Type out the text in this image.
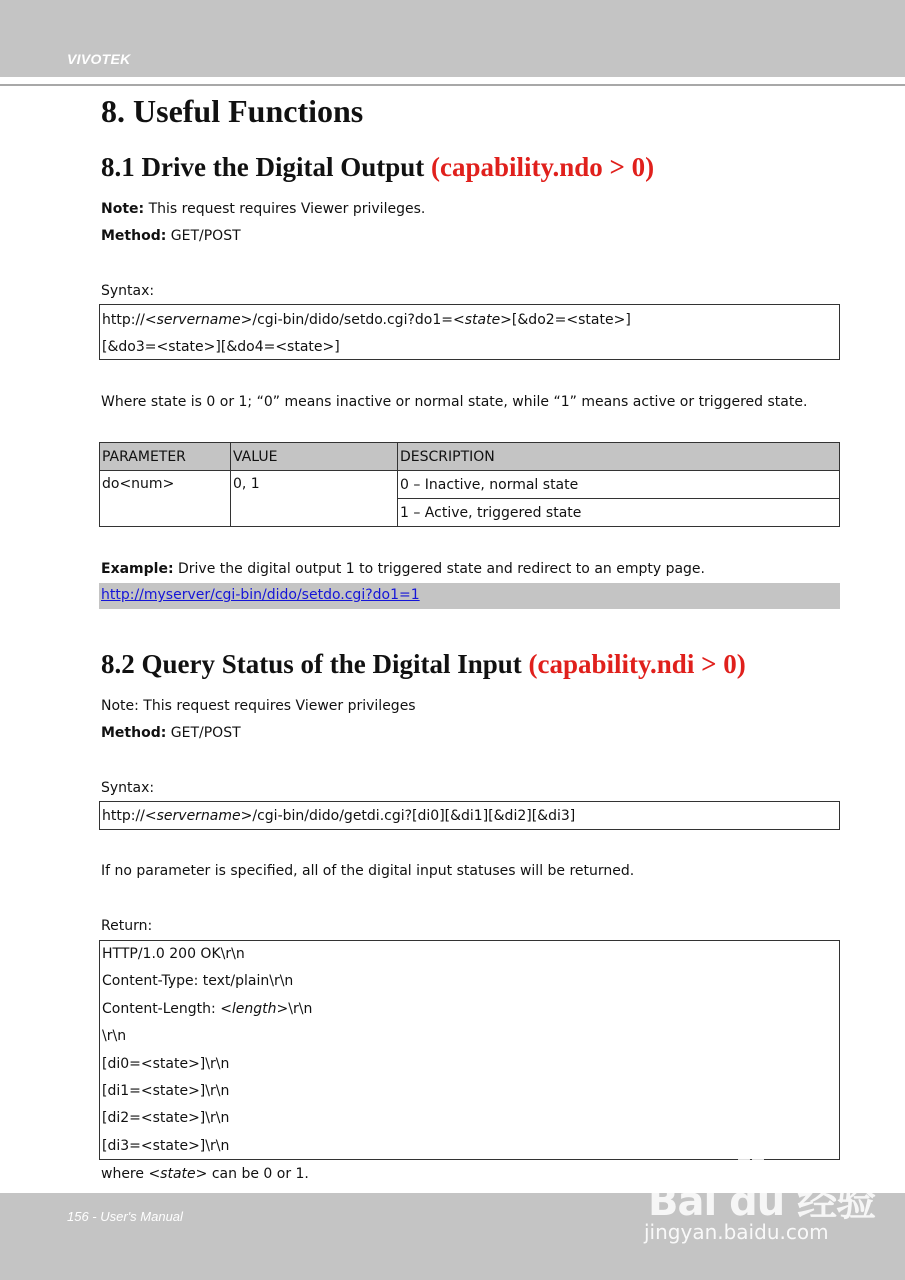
VIVOTEK
8. Useful Functions
8.1 Drive the Digital Output (capability.ndo > 0)
Note: This request requires Viewer privileges.
Method: GET/POST
Syntax:
http://<servername>/cgi-bin/dido/setdo.cgi?do1=<state>[&do2=<state>]
[&do3=<state>][&do4=<state>]
Where state is 0 or 1; “0” means inactive or normal state, while “1” means active or triggered state.
PARAMETER	VALUE	DESCRIPTION
do<num>	0, 1	0 – Inactive, normal state
		1 – Active, triggered state
Example: Drive the digital output 1 to triggered state and redirect to an empty page.
http://myserver/cgi-bin/dido/setdo.cgi?do1=1
8.2 Query Status of the Digital Input (capability.ndi > 0)
Note: This request requires Viewer privileges
Method: GET/POST
Syntax:
http://<servername>/cgi-bin/dido/getdi.cgi?[di0][&di1][&di2][&di3]
If no parameter is specified, all of the digital input statuses will be returned.
Return:
HTTP/1.0 200 OK\r\n
Content-Type: text/plain\r\n
Content-Length: <length>\r\n
\r\n
[di0=<state>]\r\n
[di1=<state>]\r\n
[di2=<state>]\r\n
[di3=<state>]\r\n
where <state> can be 0 or 1.
156 - User's Manual	Bai du 经验
jingyan.baidu.com
